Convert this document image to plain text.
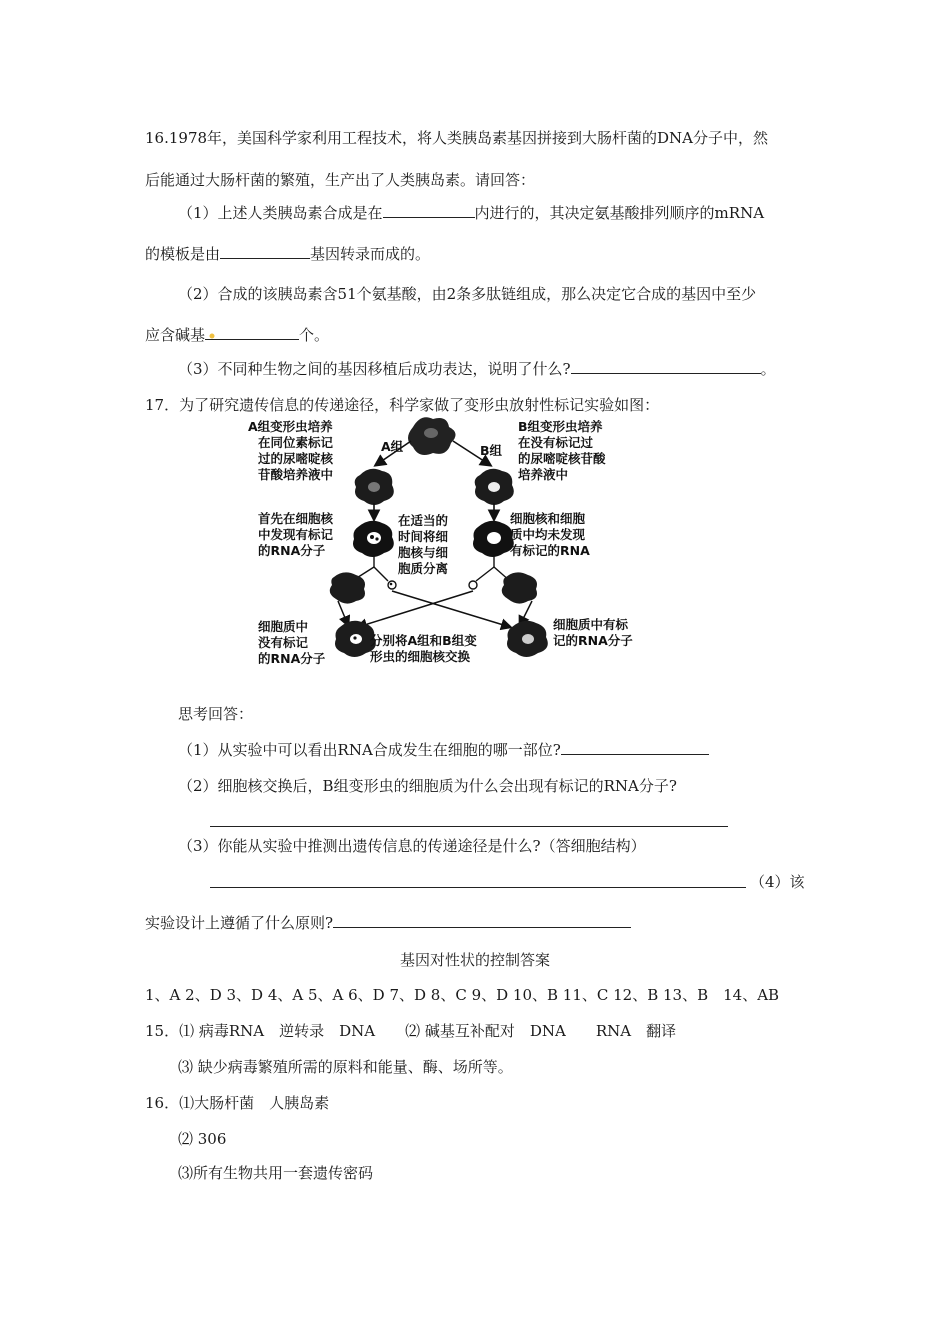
16.1978年，美国科学家利用工程技术，将人类胰岛素基因拼接到大肠杆菌的DNA分子中，然
后能通过大肠杆菌的繁殖，生产出了人类胰岛素。请回答：
（1）上述人类胰岛素合成是在	内进行的，其决定氨基酸排列顺序的mRNA
的模板是由	基因转录而成的。
（2）合成的该胰岛素含51个氨基酸，由2条多肽链组成，那么决定它合成的基因中至少
应含碱基	个。
（3）不同种生物之间的基因移植后成功表达，说明了什么?	。
17．为了研究遗传信息的传递途径，科学家做了变形虫放射性标记实验如图：
A组	B组
A组变形虫培养
在同位素标记
过的尿嘧啶核
苷酸培养液中
B组变形虫培养
在没有标记过
的尿嘧啶核苷酸
培养液中
首先在细胞核
中发现有标记
的RNA分子
在适当的
时间将细
胞核与细
胞质分离
细胞核和细胞
质中均未发现
有标记的RNA
细胞质中
没有标记
的RNA分子
分别将A组和B组变
形虫的细胞核交换
细胞质中有标
记的RNA分子
思考回答：
（1）从实验中可以看出RNA合成发生在细胞的哪一部位?
（2）细胞核交换后，B组变形虫的细胞质为什么会出现有标记的RNA分子?
（3）你能从实验中推测出遗传信息的传递途径是什么?（答细胞结构）
（4）该
实验设计上遵循了什么原则?
基因对性状的控制答案
1、A 2、D 3、D 4、A 5、A 6、D 7、D 8、C 9、D 10、B 11、C 12、B 13、B　14、AB
15．⑴ 病毒RNA　逆转录　DNA　　⑵ 碱基互补配对　DNA　　RNA　翻译
⑶ 缺少病毒繁殖所需的原料和能量、酶、场所等。
16．⑴大肠杆菌　人胰岛素
⑵ 306
⑶所有生物共用一套遗传密码
